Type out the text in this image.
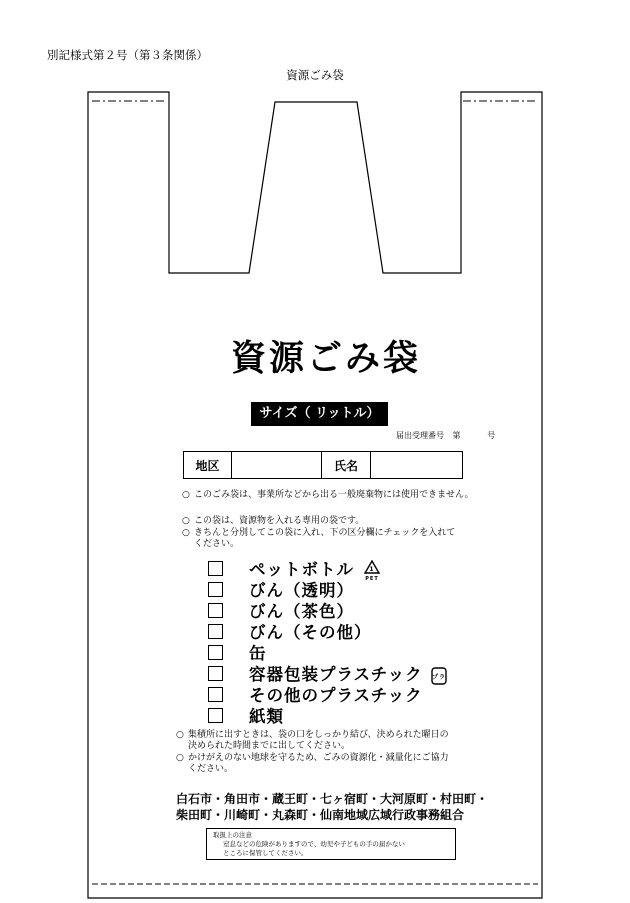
別記様式第２号（第３条関係）
資源ごみ袋
資源ごみ袋
サイズ（ リットル）
届出受理番号 第	号
地区		氏名	
○ このごみ袋は、事業所などから出る一般廃棄物には使用できません。
○ この袋は、資源物を入れる専用の袋です。
○ きちんと分別してこの袋に入れ、下の区分欄にチェックを入れて
ください。
ペットボトル	1
PET
びん（透明）
びん（茶色）
びん（その他）
缶
容器包装プラスチック プラ
その他のプラスチック
紙類
○ 集積所に出すときは、袋の口をしっかり結び、決められた曜日の
決められた時間までに出してください。
○ かけがえのない地球を守るため、ごみの資源化・減量化にご協力
ください。
白石市・角田市・蔵王町・七ヶ宿町・大河原町・村田町・
柴田町・川崎町・丸森町・仙南地域広域行政事務組合
取扱上の注意
窒息などの危険がありますので、幼児や子どもの手の届かない
ところに保管してください。
